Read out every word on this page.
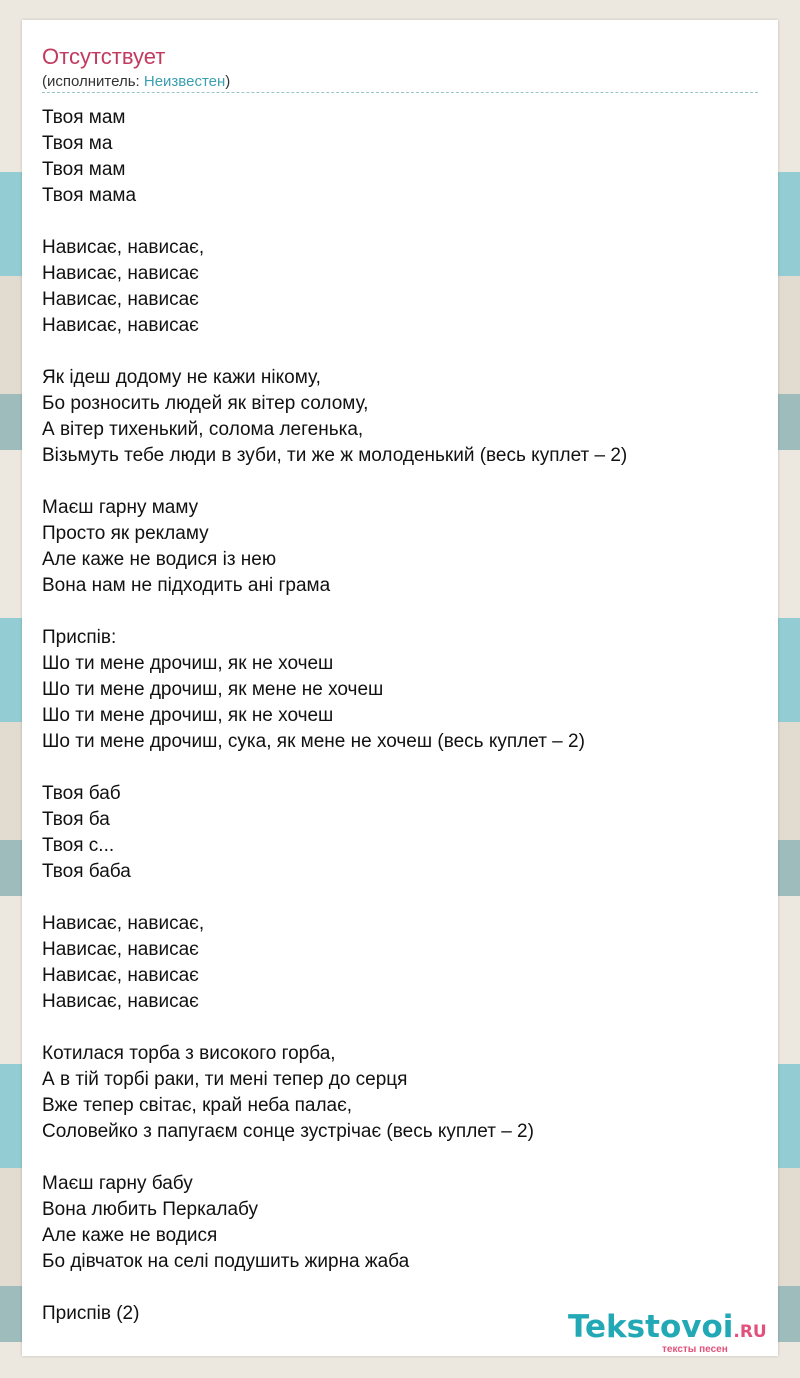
Отсутствует
(исполнитель: Неизвестен)
Твоя мам
Твоя ма
Твоя мам
Твоя мама
Нависає, нависає,
Нависає, нависає
Нависає, нависає
Нависає, нависає
Як ідеш додому не кажи нікому,
Бо розносить людей як вітер солому,
А вітер тихенький, солома легенька,
Візьмуть тебе люди в зуби, ти же ж молоденький (весь куплет – 2)
Маєш гарну маму
Просто як рекламу
Але каже не водися із нею
Вона нам не підходить ані грама
Приспів:
Шо ти мене дрочиш, як не хочеш
Шо ти мене дрочиш, як мене не хочеш
Шо ти мене дрочиш, як не хочеш
Шо ти мене дрочиш, сука, як мене не хочеш (весь куплет – 2)
Твоя баб
Твоя ба
Твоя с...
Твоя баба
Нависає, нависає,
Нависає, нависає
Нависає, нависає
Нависає, нависає
Котилася торба з високого горба,
А в тій торбі раки, ти мені тепер до серця
Вже тепер світає, край неба палає,
Соловейко з папугаєм сонце зустрічає (весь куплет – 2)
Маєш гарну бабу
Вона любить Перкалабу
Але каже не водися
Бо дівчаток на селі подушить жирна жаба
Приспів (2)	Tekstovoi.RU
тексты песен
